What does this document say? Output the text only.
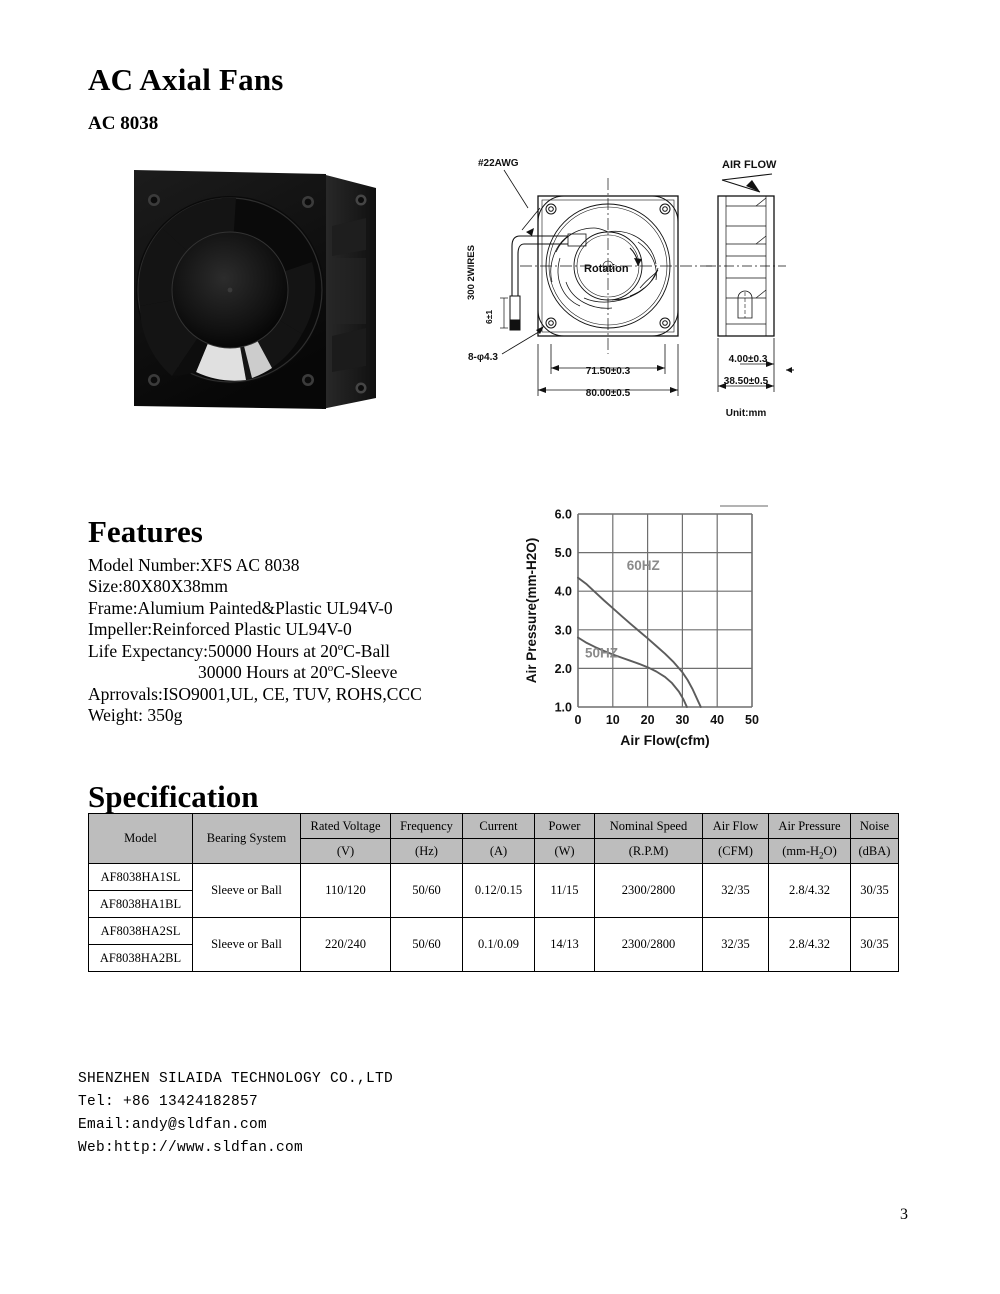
AC Axial Fans
AC 8038
#22AWG
300 2WIRES
6±1
8-φ4.3
Rotation
71.50±0.3
80.00±0.5
Unit:mm
AIR FLOW
4.00±0.3
38.50±0.5
Features
Model Number:XFS AC 8038
Size:80X80X38mm
Frame:Alumium Painted&Plastic UL94V-0
Impeller:Reinforced Plastic UL94V-0
Life Expectancy:50000 Hours at 20$^o$C-Ball
30000 Hours at 20$^o$C-Sleeve
Aprrovals:ISO9001,UL, CE, TUV, ROHS,CCC
Weight: 350g
60HZ
50HZ
1.0
2.0
3.0
4.0
5.0
6.0
0 10 20 30 40 50
Air Pressure(mm-H2O)
Air Flow(cfm)
Specification
Model	Bearing System	Rated Voltage	Frequency	Current	Power	Nominal Speed	Air Flow	Air Pressure	Noise
		(V)	(Hz)	(A)	(W)	(R.P.M)	(CFM)	$(mm-H_2O)$	(dBA)
AF8038HA1SL	Sleeve or Ball	110/120	50/60	0.12/0.15	11/15	2300/2800	32/35	2.8/4.32	30/35
AF8038HA1BL									
AF8038HA2SL	Sleeve or Ball	220/240	50/60	0.1/0.09	14/13	2300/2800	32/35	2.8/4.32	30/35
AF8038HA2BL									
SHENZHEN SILAIDA TECHNOLOGY CO.,LTD
Tel: +86 13424182857
Email:andy@sldfan.com
Web:http://www.sldfan.com
3
